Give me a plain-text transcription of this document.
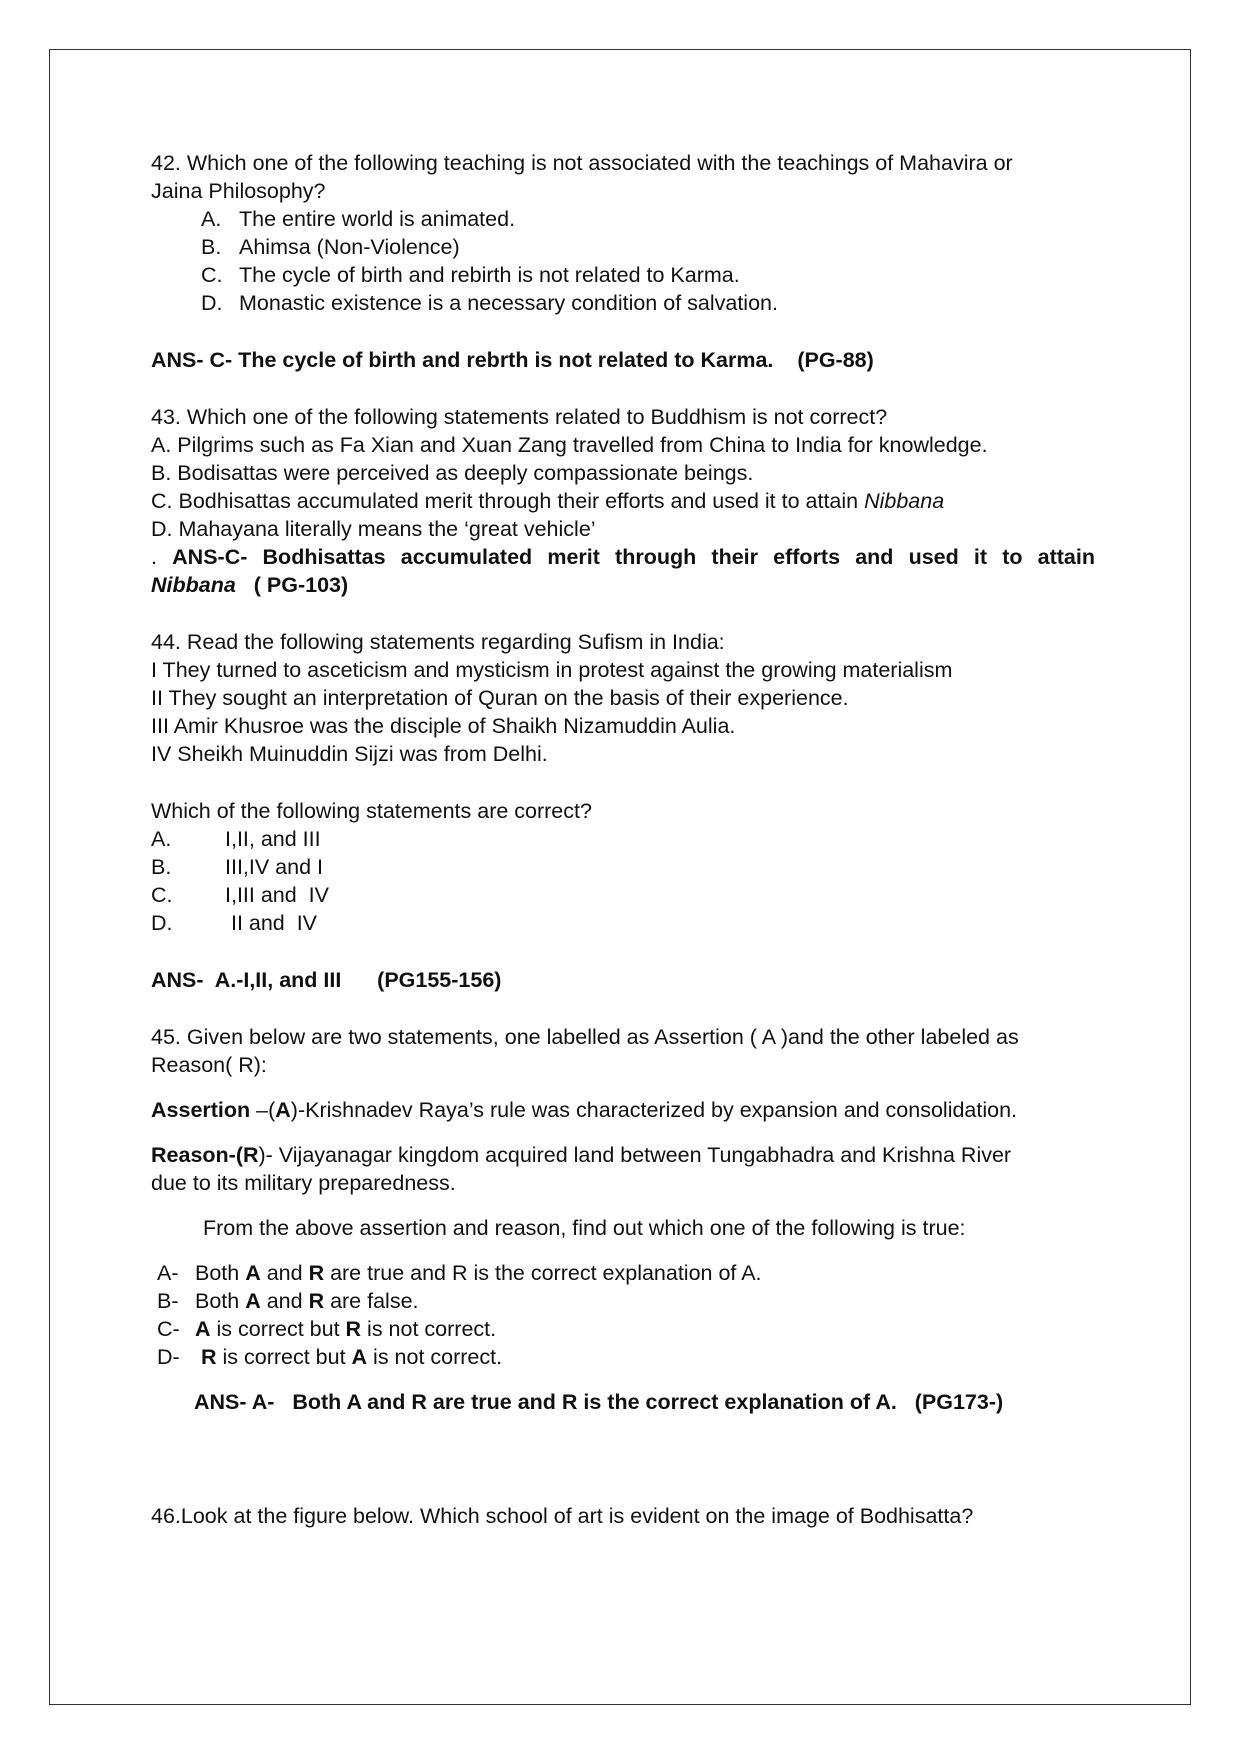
42. Which one of the following teaching is not associated with the teachings of Mahavira or

Jaina Philosophy?

A. The entire world is animated.
B. Ahimsa (Non-Violence)
C. The cycle of birth and rebirth is not related to Karma.
D. Monastic existence is a necessary condition of salvation.

ANS- C- The cycle of birth and rebrth is not related to Karma. (PG-88)

43. Which one of the following statements related to Buddhism is not correct?

A. Pilgrims such as Fa Xian and Xuan Zang travelled from China to India for knowledge.

B. Bodisattas were perceived as deeply compassionate beings.

C. Bodhisattas accumulated merit through their efforts and used it to attain Nibbana

D. Mahayana literally means the ‘great vehicle’

. ANS-C- Bodhisattas accumulated merit through their efforts and used it to attain Nibbana ( PG-103)

44. Read the following statements regarding Sufism in India:

I They turned to asceticism and mysticism in protest against the growing materialism

II They sought an interpretation of Quran on the basis of their experience.

III Amir Khusroe was the disciple of Shaikh Nizamuddin Aulia.

IV Sheikh Muinuddin Sijzi was from Delhi.

Which of the following statements are correct?

A.	I,II, and III
B.	III,IV and I
C.	I,III and  IV
D.	II and  IV

ANS-  A.-I,II, and III (PG155-156)

45. Given below are two statements, one labelled as Assertion ( A )and the other labeled as

Reason( R):

Assertion –(A)-Krishnadev Raya’s rule was characterized by expansion and consolidation.

Reason-(R)- Vijayanagar kingdom acquired land between Tungabhadra and Krishna River

due to its military preparedness.

From the above assertion and reason, find out which one of the following is true:

A- Both A and R are true and R is the correct explanation of A.
B- Both A and R are false.
C- A is correct but R is not correct.
D- R is correct but A is not correct.

ANS- A-   Both A and R are true and R is the correct explanation of A. (PG173-)

46.Look at the figure below. Which school of art is evident on the image of Bodhisatta?
